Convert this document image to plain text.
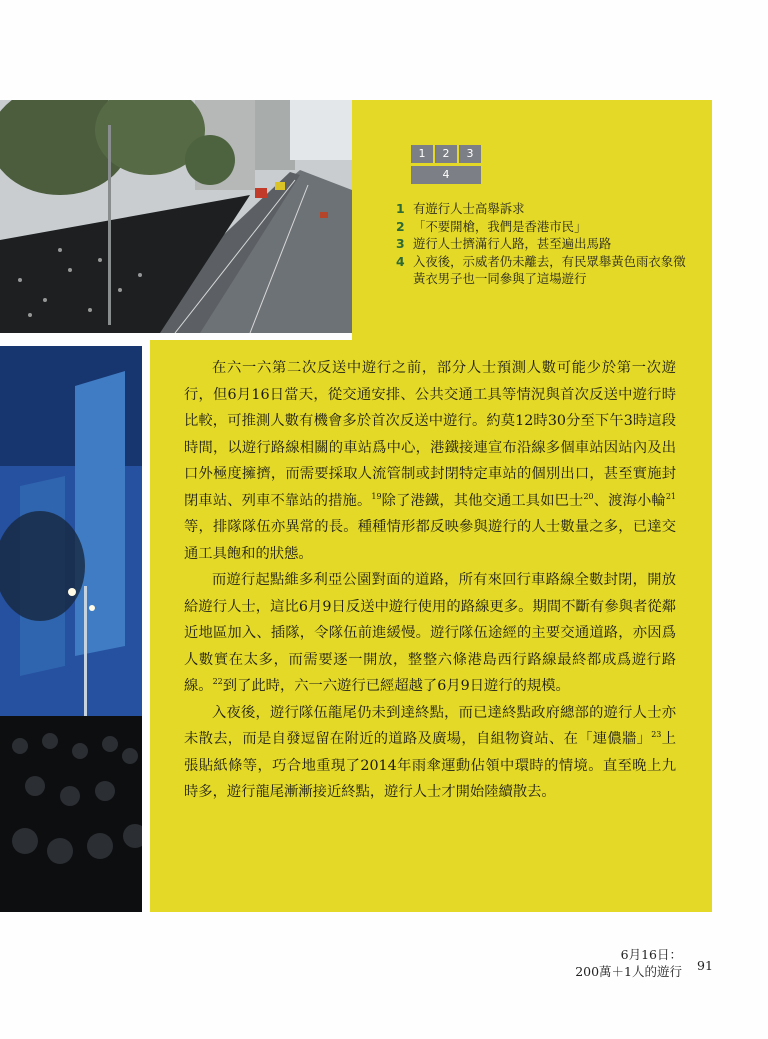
1	2	3
4
1 有遊行人士高舉訴求
2 「不要開槍，我們是香港市民」
3 遊行人士擠滿行人路，甚至遍出馬路
4 入夜後，示威者仍未離去，有民眾舉黃色雨衣象徵黃衣男子也一同參與了這場遊行

在六一六第二次反送中遊行之前，部分人士預測人數可能少於第一次遊行，但6月16日當天，從交通安排、公共交通工具等情況與首次反送中遊行時比較，可推測人數有機會多於首次反送中遊行。約莫12時30分至下午3時這段時間，以遊行路線相關的車站爲中心，港鐵接連宣布沿線多個車站因站內及出口外極度擁擠，而需要採取人流管制或封閉特定車站的個別出口，甚至實施封閉車站、列車不靠站的措施。$^{19}$除了港鐵，其他交通工具如巴士$^{20}$、渡海小輪$^{21}$等，排隊隊伍亦異常的長。種種情形都反映參與遊行的人士數量之多，已達交通工具飽和的狀態。

而遊行起點維多利亞公園對面的道路，所有來回行車路線全數封閉，開放給遊行人士，這比6月9日反送中遊行使用的路線更多。期間不斷有參與者從鄰近地區加入、插隊，令隊伍前進緩慢。遊行隊伍途經的主要交通道路，亦因爲人數實在太多，而需要逐一開放，整整六條港島西行路線最終都成爲遊行路線。$^{22}$到了此時，六一六遊行已經超越了6月9日遊行的規模。

入夜後，遊行隊伍龍尾仍未到達終點，而已達終點政府總部的遊行人士亦未散去，而是自發逗留在附近的道路及廣場，自組物資站、在「連儂牆」$^{23}$上張貼紙條等，巧合地重現了2014年雨傘運動佔領中環時的情境。直至晚上九時多，遊行龍尾漸漸接近終點，遊行人士才開始陸續散去。

6月16日：
200萬＋1人的遊行 91
